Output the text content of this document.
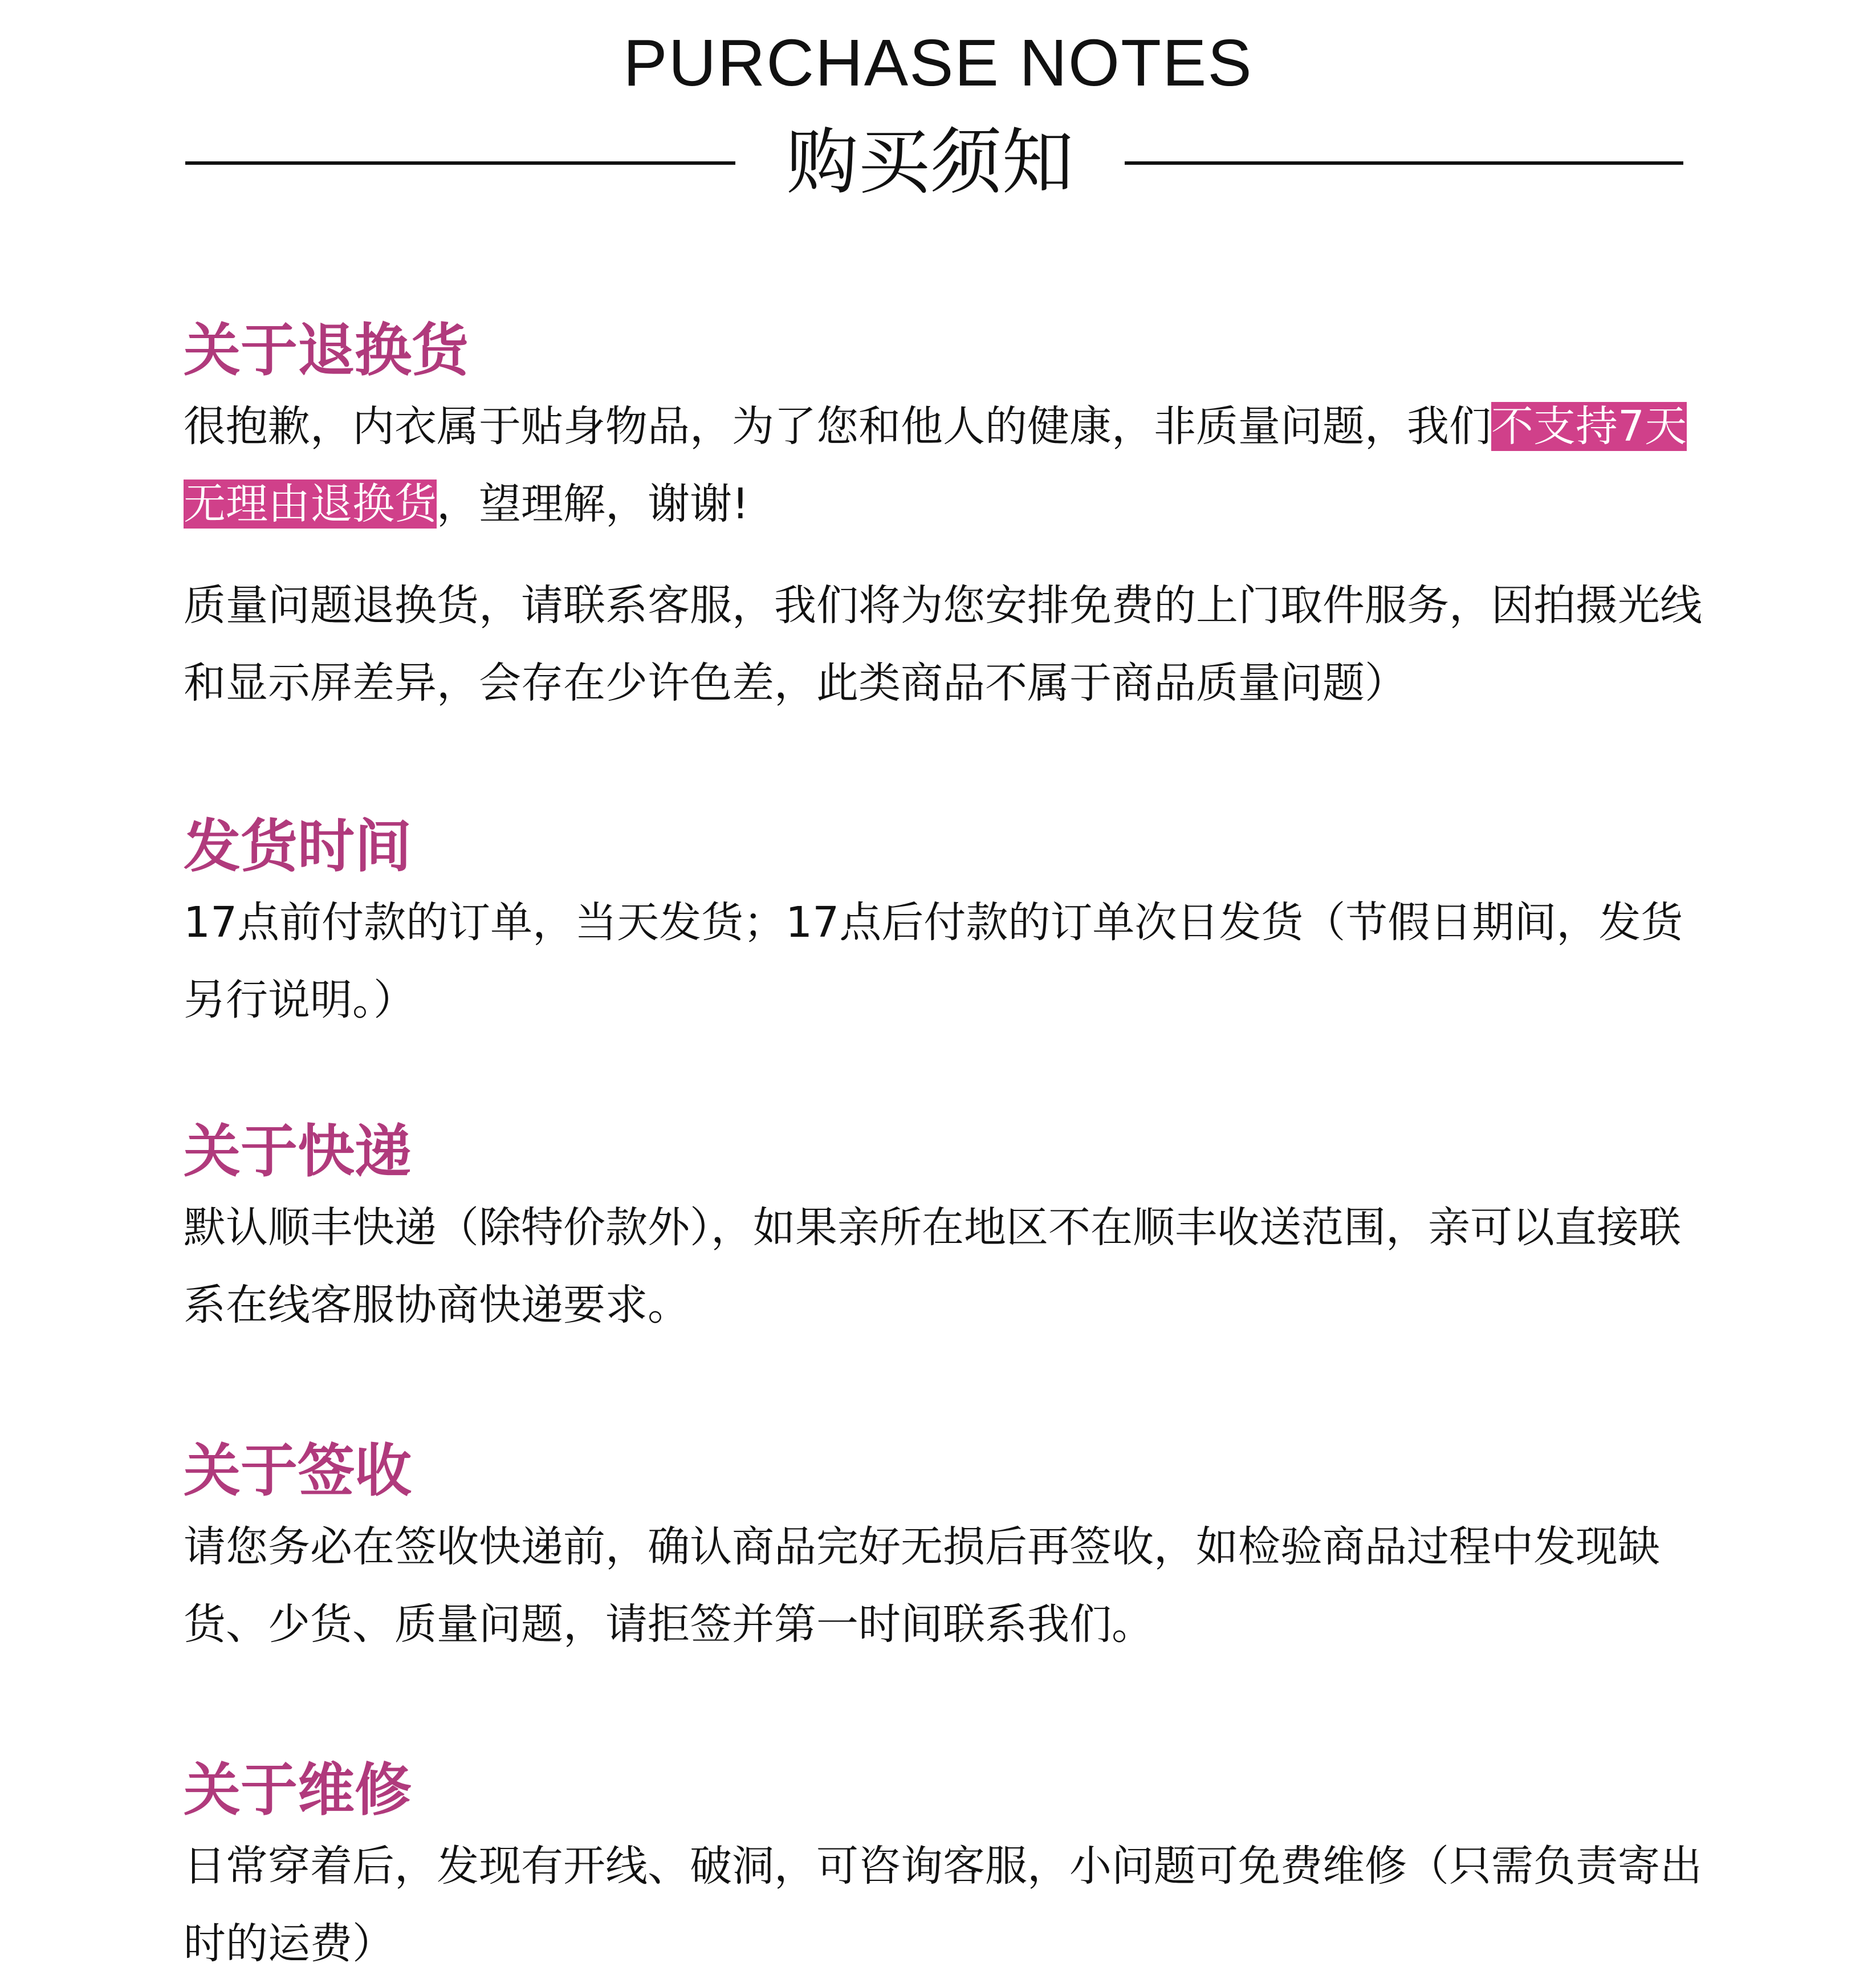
PURCHASE NOTES
购买须知
关于退换货

很抱歉，内衣属于贴身物品，为了您和他人的健康，非质量问题，我们不支持7天无理由退换货，望理解，谢谢!

质量问题退换货，请联系客服，我们将为您安排免费的上门取件服务，因拍摄光线和显示屏差异，会存在少许色差，此类商品不属于商品质量问题）

发货时间

17点前付款的订单，当天发货；17点后付款的订单次日发货（节假日期间，发货另行说明。）

关于快递

默认顺丰快递（除特价款外），如果亲所在地区不在顺丰收送范围，亲可以直接联系在线客服协商快递要求。

关于签收

请您务必在签收快递前，确认商品完好无损后再签收，如检验商品过程中发现缺货、少货、质量问题，请拒签并第一时间联系我们。

关于维修

日常穿着后，发现有开线、破洞，可咨询客服，小问题可免费维修（只需负责寄出时的运费）
